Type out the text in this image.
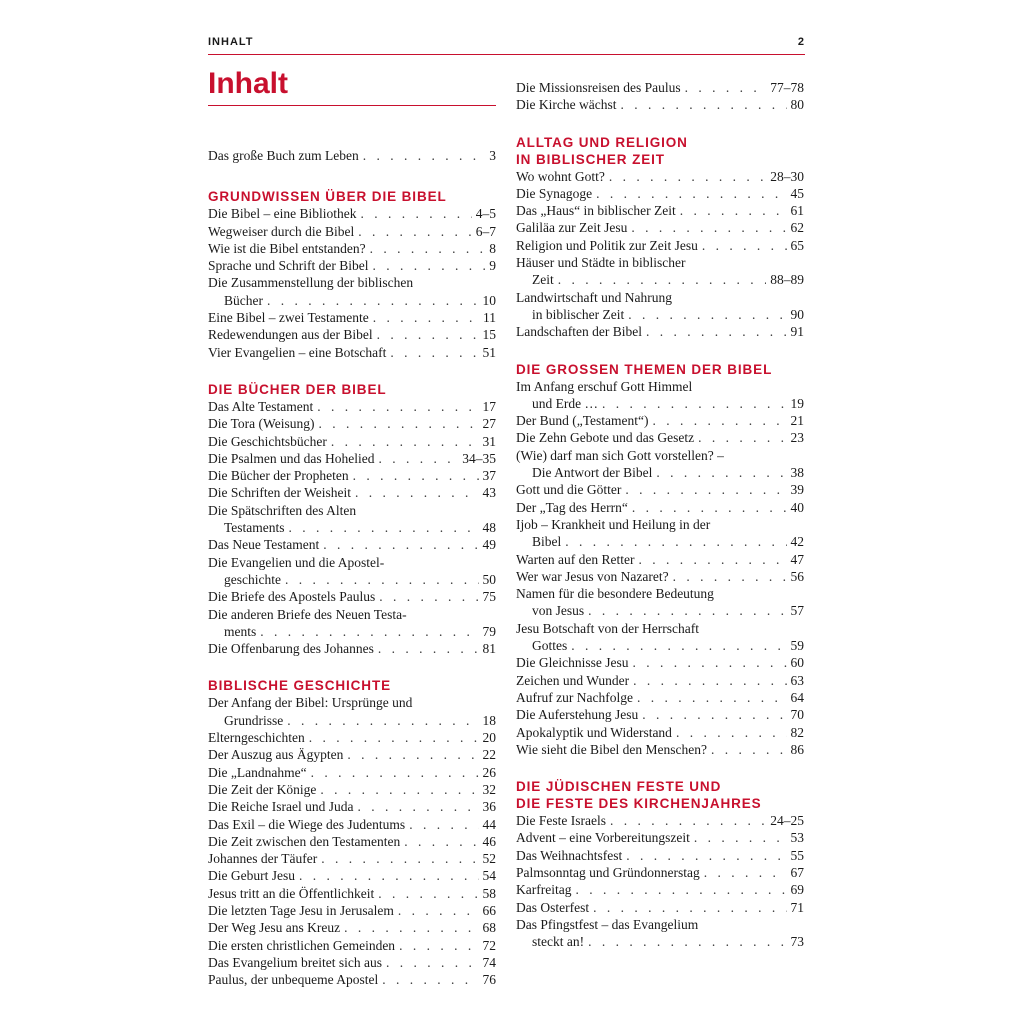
INHALT	2
Inhalt
Das große Buch zum Leben . . .	3
GRUNDWISSEN ÜBER DIE BIBEL
Die Bibel – eine Bibliothek . . .	4–5
Wegweiser durch die Bibel . . .	6–7
Wie ist die Bibel entstanden? . . .	8
Sprache und Schrift der Bibel . . .	9
Die Zusammenstellung der biblischen
Bücher . . .	10
Eine Bibel – zwei Testamente . . .	11
Redewendungen aus der Bibel . . .	15
Vier Evangelien – eine Botschaft . . .	51
DIE BÜCHER DER BIBEL
Das Alte Testament . . .	17
Die Tora (Weisung) . . .	27
Die Geschichtsbücher . . .	31
Die Psalmen und das Hohelied . . .	34–35
Die Bücher der Propheten . . .	37
Die Schriften der Weisheit . . .	43
Die Spätschriften des Alten
Testaments . . .	48
Das Neue Testament . . .	49
Die Evangelien und die Apostel-
geschichte . . .	50
Die Briefe des Apostels Paulus . . .	75
Die anderen Briefe des Neuen Testa-
ments . . .	79
Die Offenbarung des Johannes . . .	81
BIBLISCHE GESCHICHTE
Der Anfang der Bibel: Ursprünge und
Grundrisse . . .	18
Elterngeschichten . . .	20
Der Auszug aus Ägypten . . .	22
Die „Landnahme“ . . .	26
Die Zeit der Könige . . .	32
Die Reiche Israel und Juda . . .	36
Das Exil – die Wiege des Judentums . . .	44
Die Zeit zwischen den Testamenten . . .	46
Johannes der Täufer . . .	52
Die Geburt Jesu . . .	54
Jesus tritt an die Öffentlichkeit . . .	58
Die letzten Tage Jesu in Jerusalem . . .	66
Der Weg Jesu ans Kreuz . . .	68
Die ersten christlichen Gemeinden . . .	72
Das Evangelium breitet sich aus . . .	74
Paulus, der unbequeme Apostel . . .	76
Die Missionsreisen des Paulus . . .	77–78
Die Kirche wächst . . .	80
ALLTAG UND RELIGION
IN BIBLISCHER ZEIT
Wo wohnt Gott? . . .	28–30
Die Synagoge . . .	45
Das „Haus“ in biblischer Zeit . . .	61
Galiläa zur Zeit Jesu . . .	62
Religion und Politik zur Zeit Jesu . . .	65
Häuser und Städte in biblischer
Zeit . . .	88–89
Landwirtschaft und Nahrung
in biblischer Zeit . . .	90
Landschaften der Bibel . . .	91
DIE GROSSEN THEMEN DER BIBEL
Im Anfang erschuf Gott Himmel
und Erde … . . .	19
Der Bund („Testament“) . . .	21
Die Zehn Gebote und das Gesetz . . .	23
(Wie) darf man sich Gott vorstellen? –
Die Antwort der Bibel . . .	38
Gott und die Götter . . .	39
Der „Tag des Herrn“ . . .	40
Ijob – Krankheit und Heilung in der
Bibel . . .	42
Warten auf den Retter . . .	47
Wer war Jesus von Nazaret? . . .	56
Namen für die besondere Bedeutung
von Jesus . . .	57
Jesu Botschaft von der Herrschaft
Gottes . . .	59
Die Gleichnisse Jesu . . .	60
Zeichen und Wunder . . .	63
Aufruf zur Nachfolge . . .	64
Die Auferstehung Jesu . . .	70
Apokalyptik und Widerstand . . .	82
Wie sieht die Bibel den Menschen? . . .	86
DIE JÜDISCHEN FESTE UND
DIE FESTE DES KIRCHENJAHRES
Die Feste Israels . . .	24–25
Advent – eine Vorbereitungszeit . . .	53
Das Weihnachtsfest . . .	55
Palmsonntag und Gründonnerstag . . .	67
Karfreitag . . .	69
Das Osterfest . . .	71
Das Pfingstfest – das Evangelium
steckt an! . . .	73
